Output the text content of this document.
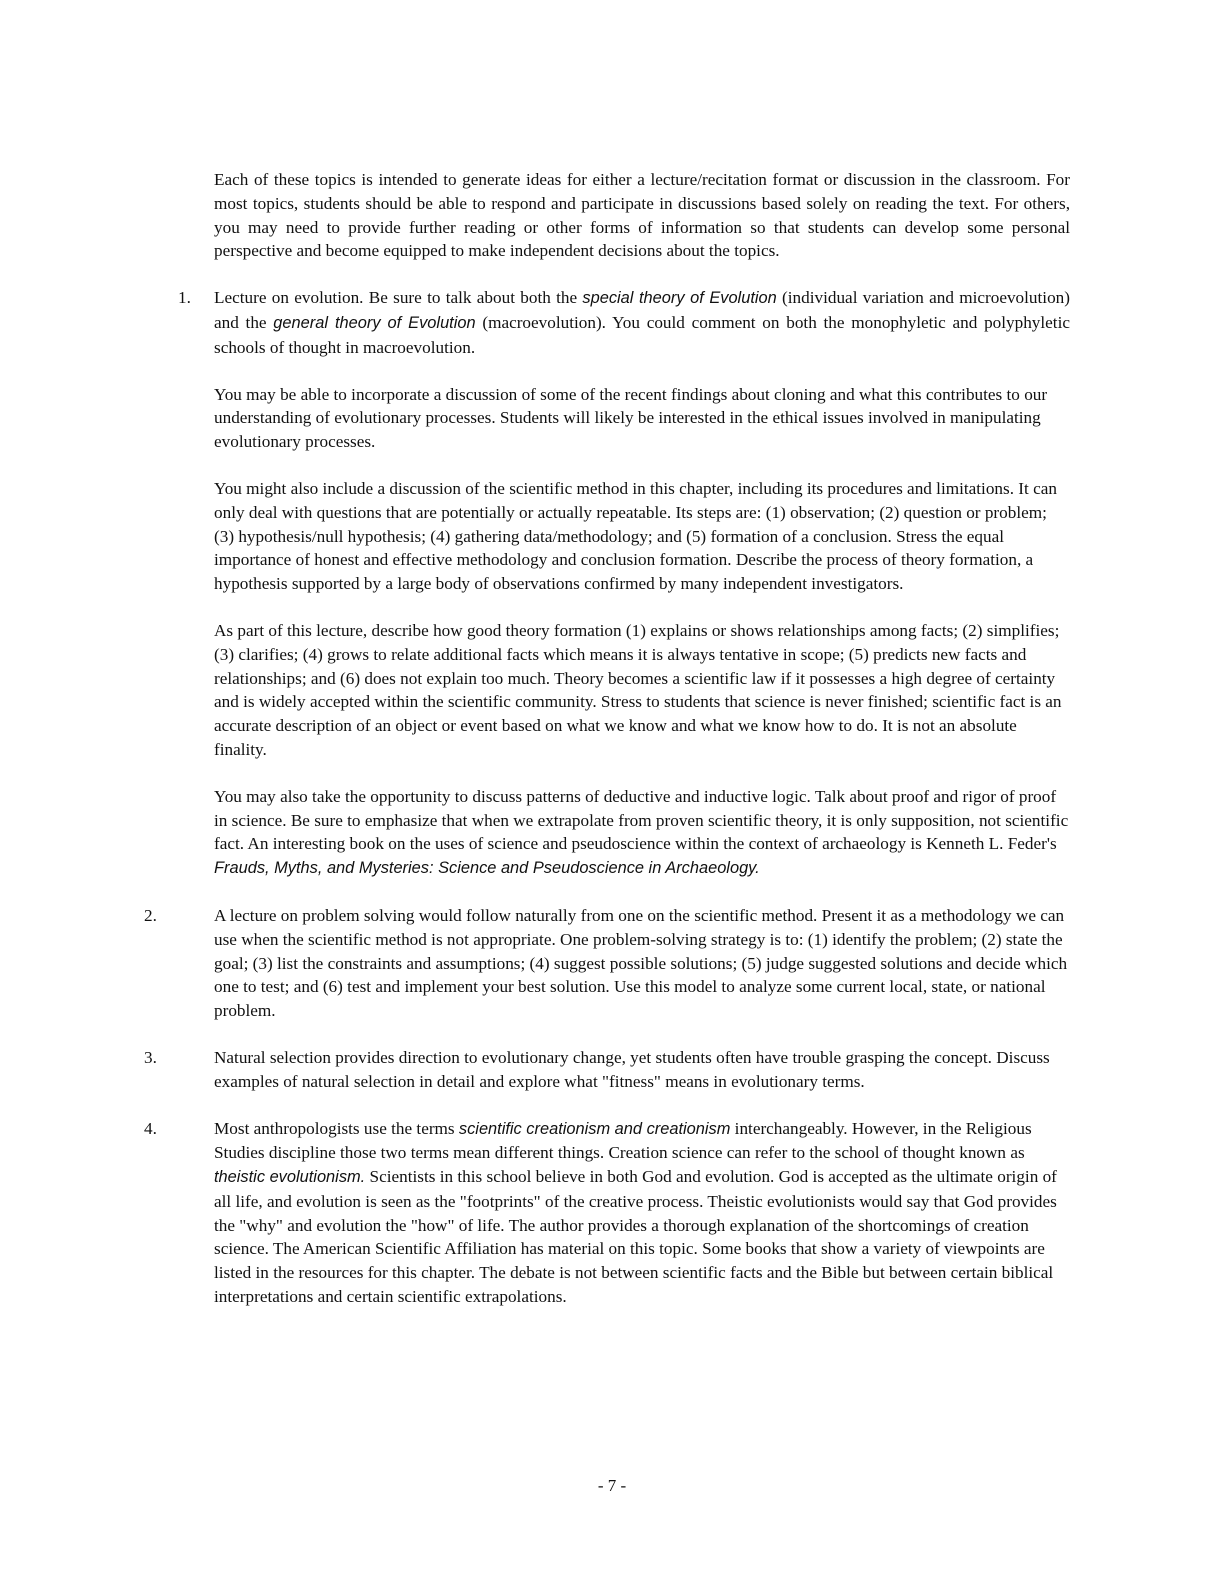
Each of these topics is intended to generate ideas for either a lecture/recitation format or discussion in the classroom. For most topics, students should be able to respond and participate in discussions based solely on reading the text. For others, you may need to provide further reading or other forms of information so that students can develop some personal perspective and become equipped to make independent decisions about the topics.

1.	Lecture on evolution. Be sure to talk about both the special theory of Evolution (individual variation and microevolution) and the general theory of Evolution (macroevolution). You could comment on both the monophyletic and polyphyletic schools of thought in macroevolution.

You may be able to incorporate a discussion of some of the recent findings about cloning and what this contributes to our understanding of evolutionary processes. Students will likely be interested in the ethical issues involved in manipulating evolutionary processes.

You might also include a discussion of the scientific method in this chapter, including its procedures and limitations. It can only deal with questions that are potentially or actually repeatable. Its steps are: (1) observation; (2) question or problem; (3) hypothesis/null hypothesis; (4) gathering data/methodology; and (5) formation of a conclusion. Stress the equal importance of honest and effective methodology and conclusion formation. Describe the process of theory formation, a hypothesis supported by a large body of observations confirmed by many independent investigators.

As part of this lecture, describe how good theory formation (1) explains or shows relationships among facts; (2) simplifies; (3) clarifies; (4) grows to relate additional facts which means it is always tentative in scope; (5) predicts new facts and relationships; and (6) does not explain too much. Theory becomes a scientific law if it possesses a high degree of certainty and is widely accepted within the scientific community. Stress to students that science is never finished; scientific fact is an accurate description of an object or event based on what we know and what we know how to do. It is not an absolute finality.

You may also take the opportunity to discuss patterns of deductive and inductive logic. Talk about proof and rigor of proof in science. Be sure to emphasize that when we extrapolate from proven scientific theory, it is only supposition, not scientific fact. An interesting book on the uses of science and pseudoscience within the context of archaeology is Kenneth L. Feder's Frauds, Myths, and Mysteries: Science and Pseudoscience in Archaeology.

2.	A lecture on problem solving would follow naturally from one on the scientific method. Present it as a methodology we can use when the scientific method is not appropriate. One problem-solving strategy is to: (1) identify the problem; (2) state the goal; (3) list the constraints and assumptions; (4) suggest possible solutions; (5) judge suggested solutions and decide which one to test; and (6) test and implement your best solution. Use this model to analyze some current local, state, or national problem.

3.	Natural selection provides direction to evolutionary change, yet students often have trouble grasping the concept. Discuss examples of natural selection in detail and explore what "fitness" means in evolutionary terms.

4.	Most anthropologists use the terms scientific creationism and creationism interchangeably. However, in the Religious Studies discipline those two terms mean different things. Creation science can refer to the school of thought known as theistic evolutionism. Scientists in this school believe in both God and evolution. God is accepted as the ultimate origin of all life, and evolution is seen as the "footprints" of the creative process. Theistic evolutionists would say that God provides the "why" and evolution the "how" of life. The author provides a thorough explanation of the shortcomings of creation science. The American Scientific Affiliation has material on this topic. Some books that show a variety of viewpoints are listed in the resources for this chapter. The debate is not between scientific facts and the Bible but between certain biblical interpretations and certain scientific extrapolations.

- 7 -
